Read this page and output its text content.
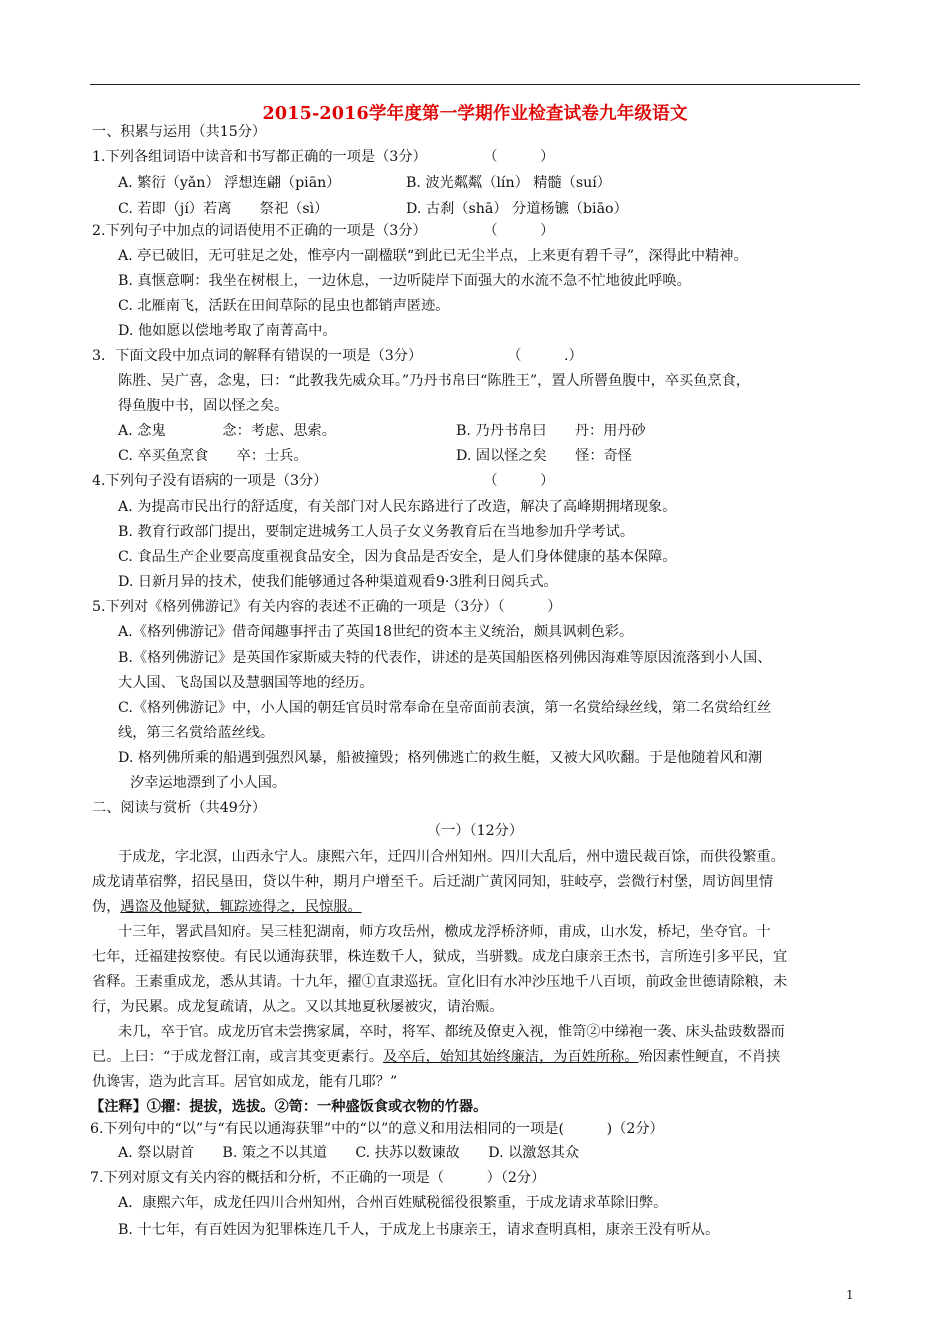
2015-2016学年度第一学期作业检查试卷九年级语文
一、积累与运用（共15分）
1.下列各组词语中读音和书写都正确的一项是（3分）　　　　　（　　　）
A. 繁衍（yǎn） 浮想连翩（piān）	B. 波光粼粼（lín） 精髓（suí）
C. 若即（jí）若离　　祭祀（sì）	D. 古刹（shā） 分道杨镳（biāo）
2.下列句子中加点的词语使用不正确的一项是（3分）　　　　　（　　　）
A. 亭已破旧，无可驻足之处，惟亭内一副楹联“到此已无尘半点，上来更有碧千寻”，深得此中精神。
B. 真惬意啊：我坐在树根上，一边休息，一边听陡岸下面强大的水流不急不忙地彼此呼唤。
C. 北雁南飞，活跃在田间草际的昆虫也都销声匿迹。
D. 他如愿以偿地考取了南菁高中。
3．下面文段中加点词的解释有错误的一项是（3分）　　　　　　　（　　　.）
陈胜、吴广喜，念鬼，曰：“此教我先威众耳。”乃丹书帛曰“陈胜王”，置人所罾鱼腹中，卒买鱼烹食，
得鱼腹中书，固以怪之矣。
A. 念鬼　　　　念：考虑、思索。	B. 乃丹书帛曰　　丹：用丹砂
C. 卒买鱼烹食　　卒：士兵。	D. 固以怪之矣　　怪：奇怪
4.下列句子没有语病的一项是（3分）　　　　　　　　　　　　（　　　）
A. 为提高市民出行的舒适度，有关部门对人民东路进行了改造，解决了高峰期拥堵现象。
B. 教育行政部门提出，要制定进城务工人员子女义务教育后在当地参加升学考试。
C. 食品生产企业要高度重视食品安全，因为食品是否安全，是人们身体健康的基本保障。
D. 日新月异的技术，使我们能够通过各种渠道观看9·3胜利日阅兵式。
5.下列对《格列佛游记》有关内容的表述不正确的一项是（3分）（　　　）
A.《格列佛游记》借奇闻趣事抨击了英国18世纪的资本主义统治，颇具讽刺色彩。
B.《格列佛游记》是英国作家斯威夫特的代表作，讲述的是英国船医格列佛因海难等原因流落到小人国、
大人国、飞岛国以及慧骃国等地的经历。
C.《格列佛游记》中，小人国的朝廷官员时常奉命在皇帝面前表演，第一名赏给绿丝线，第二名赏给红丝
线，第三名赏给蓝丝线。
D. 格列佛所乘的船遇到强烈风暴，船被撞毁；格列佛逃亡的救生艇，又被大风吹翻。于是他随着风和潮
汐幸运地漂到了小人国。
二、阅读与赏析（共49分）
（一）（12分）
于成龙，字北溟，山西永宁人。康熙六年，迁四川合州知州。四川大乱后，州中遗民裁百馀，而供役繁重。
成龙请革宿弊，招民垦田，贷以牛种，期月户增至千。后迁湖广黄冈同知，驻岐亭，尝微行村堡，周访闾里情
伪，遇盗及他疑狱，辄踪迹得之，民惊服。
十三年，署武昌知府。吴三桂犯湖南，师方攻岳州，檄成龙浮桥济师，甫成，山水发，桥圮，坐夺官。十
七年，迁福建按察使。有民以通海获罪，株连数千人，狱成，当骈戮。成龙白康亲王杰书，言所连引多平民，宜
省释。王素重成龙，悉从其请。十九年，擢①直隶巡抚。宣化旧有水冲沙压地千八百顷，前政金世德请除粮，未
行，为民累。成龙复疏请，从之。又以其地夏秋屡被灾，请治赈。
未几，卒于官。成龙历官未尝携家属，卒时，将军、都统及僚吏入视，惟笥②中绨袍一袭、床头盐豉数器而
已。上曰：“于成龙督江南，或言其变更素行。及卒后，始知其始终廉洁，为百姓所称。殆因素性鲠直，不肖挟
仇谗害，造为此言耳。居官如成龙，能有几耶？”
【注释】①擢：提拔，选拔。②笥：一种盛饭食或衣物的竹器。
6.下列句中的“以”与“有民以通海获罪”中的“以”的意义和用法相同的一项是(　　　)（2分）
A. 祭以尉首　　B. 策之不以其道　　C. 扶苏以数谏故　　D. 以激怒其众
7.下列对原文有关内容的概括和分析，不正确的一项是（　　　）（2分）
A．康熙六年，成龙任四川合州知州，合州百姓赋税徭役很繁重，于成龙请求革除旧弊。
B. 十七年，有百姓因为犯罪株连几千人，于成龙上书康亲王，请求查明真相，康亲王没有听从。
1
